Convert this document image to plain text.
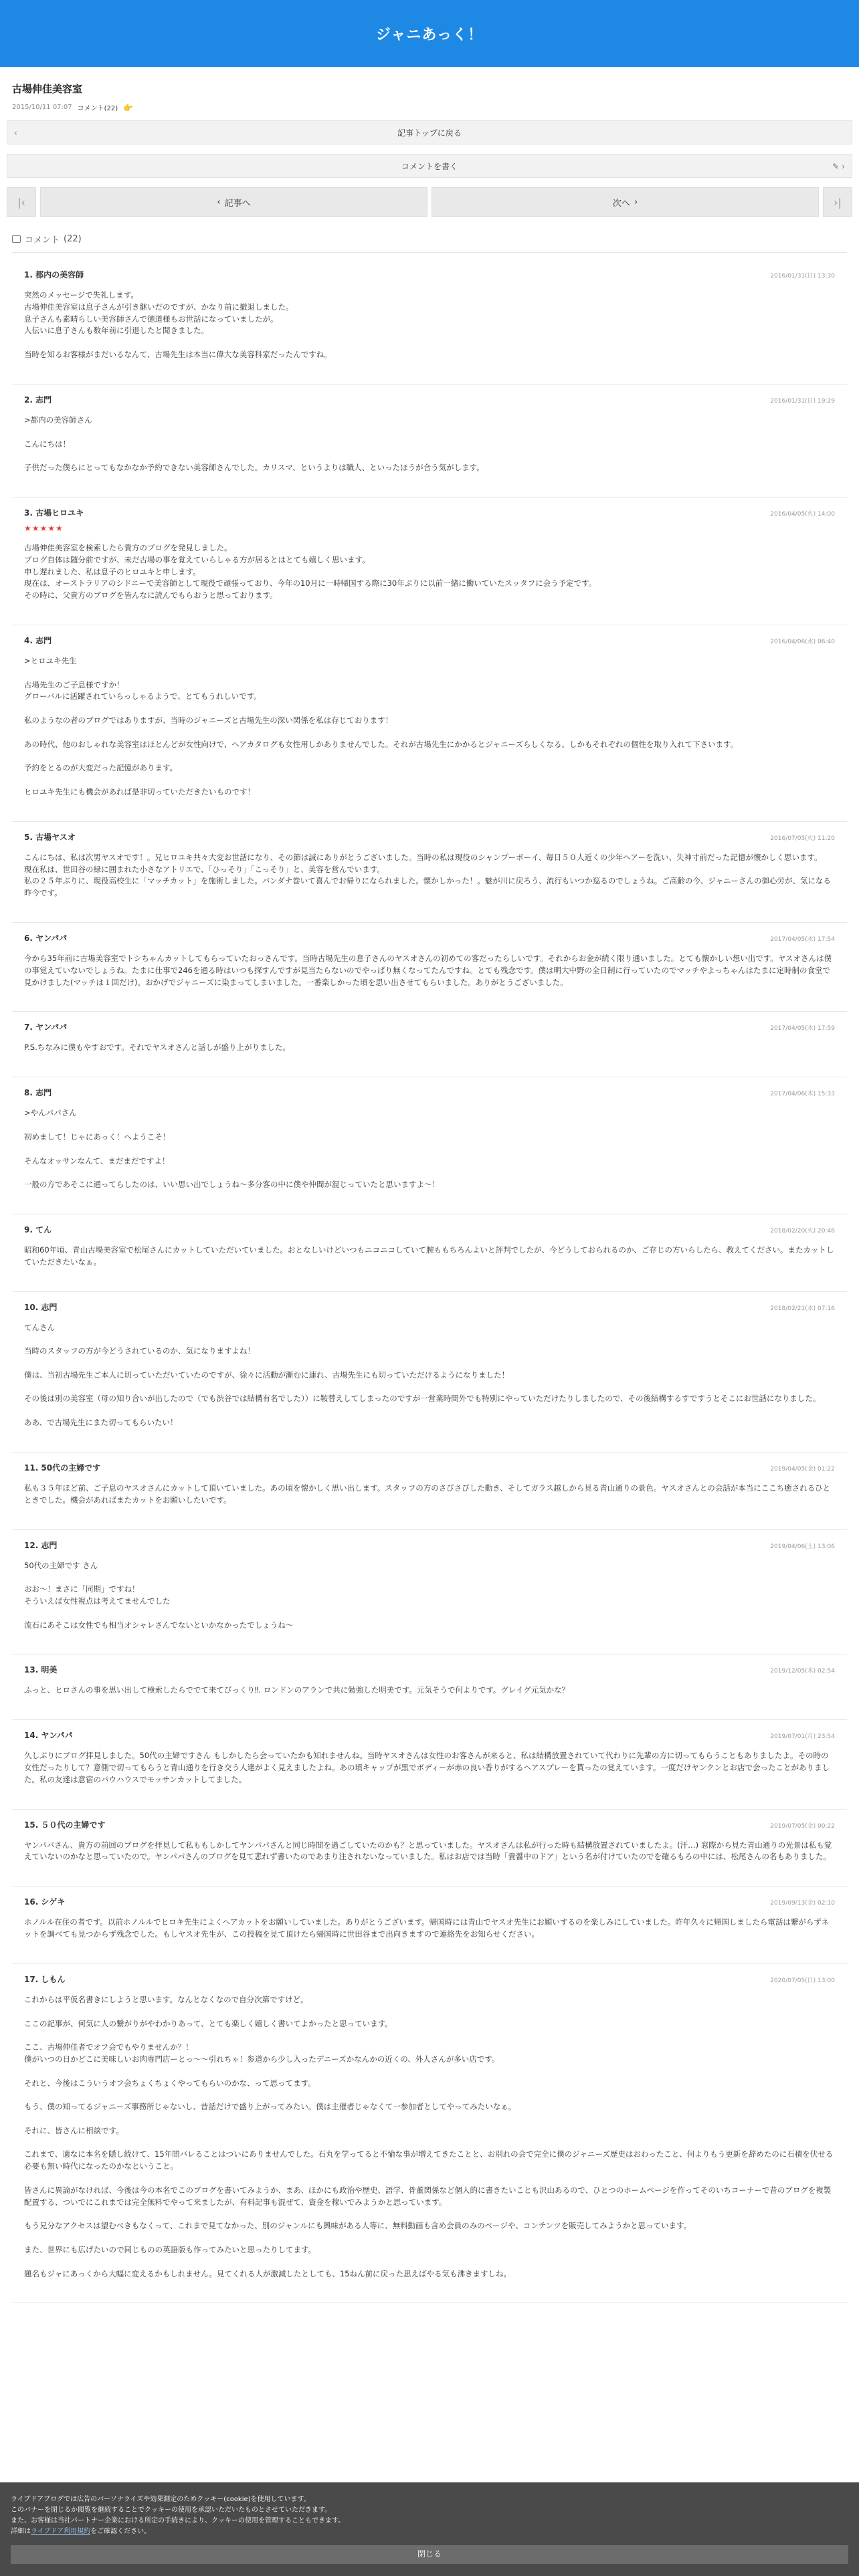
ジャニあっく！
古場伸佳美容室
2015/10/11 07:07 コメント(22) 👉
‹	記事トップに戻る
コメントを書く	✎ ›
|‹	‹ 記事へ	次へ ›	›|
コメント (22)
1. 都内の美容師	2016/01/31(日) 13:30

突然のメッセージで失礼します。

古場伸佳美容室は息子さんが引き継いだのですが、かなり前に撤退しました。

息子さんも素晴らしい美容師さんで徳道様もお世話になっていましたが。

人伝いに息子さんも数年前に引退したと聞きました。

当時を知るお客様がまだいるなんて、古場先生は本当に偉大な美容科家だったんですね。

2. 志門	2016/01/31(日) 19:29

>都内の美容師さん

こんにちは！

子供だった僕らにとってもなかなか予約できない美容師さんでした。カリスマ、というよりは職人、といったほうが合う気がします。

3. 古場ヒロユキ	2016/04/05(火) 14:00
★★★★★

古場伸佳美容室を検索したら貴方のブログを発見しました。

ブログ自体は随分前ですが、未だ古場の事を覚えていらしゃる方が居るとはとても嬉しく思います。

申し遅れました、私は息子のヒロユキと申します。

現在は、オーストラリアのシドニーで美容師として現役で頑張っており、今年の10月に一時帰国する際に30年ぶりに以前一緒に働いていたスッタフに会う予定です。

その時に、父貴方のブログを皆んなに読んでもらおうと思っております。

4. 志門	2016/04/06(水) 06:40

>ヒロユキ先生

古場先生のご子息様ですか！

グローバルに活躍されていらっしゃるようで、とてもうれしいです。

私のようなの者のブログではありますが、当時のジャニーズと古場先生の深い関係を私は存じております！

あの時代、他のおしゃれな美容室はほとんどが女性向けで、ヘアカタログも女性用しかありませんでした。それが古場先生にかかるとジャニーズらしくなる。しかもそれぞれの個性を取り入れて下さいます。

予約をとるのが大変だった記憶があります。

ヒロユキ先生にも機会があれば是非切っていただきたいものです！

5. 古場ヤスオ	2016/07/05(火) 11:20

こんにちは、私は次男ヤスオです！。兄ヒロユキ共々大変お世話になり、その節は誠にありがとうございました。当時の私は現役のシャンプーボーイ、毎日５０人近くの少年ヘアーを洗い、失神寸前だった記憶が懐かしく思います。

現在私は、世田谷の緑に囲まれた小さなアトリエで、「ひっそり」「こっそり」と、美容を営んでいます。

私の２５年ぶりに、現役高校生に「マッチカット」を施術しました。バンダナ巻いて喜んでお帰りになられました。懐かしかった！。魅が川に戻ろう、流行もいつか巡るのでしょうね。ご高齢の今、ジャニーさんの御心労が、気になる昨今です。

6. ヤンパパ	2017/04/05(水) 17:54

今から35年前に古場美容室でトシちゃんカットしてもらっていたおっさんです。当時古場先生の息子さんのヤスオさんの初めての客だったらしいです。それからお金が続く限り通いました。とても懐かしい想い出です。ヤスオさんは僕の事覚えていないでしょうね。たまに仕事で246を通る時はいつも探すんですが見当たらないのでやっぱり無くなってたんですね。とても残念です。僕は明大中野の全日制に行っていたのでマッチやよっちゃんはたまに定時制の食堂で見かけました(マッチは１回だけ)。おかげでジャニーズに染まってしまいました。一番楽しかった頃を思い出させてもらいました。ありがとうございました。

7. ヤンパパ	2017/04/05(水) 17:59

P.S.ちなみに僕もやすおです。それでヤスオさんと話しが盛り上がりました。

8. 志門	2017/04/06(木) 15:33

>やんパパさん

初めまして！じゃにあっく！へようこそ！

そんなオッサンなんて、まだまだですよ！

一般の方であそこに通ってらしたのは、いい思い出でしょうね〜多分客の中に僕や仲間が混じっていたと思いますよ〜！

9. てん	2018/02/20(火) 20:46

昭和60年頃、青山古場美容室で松尾さんにカットしていただいていました。おとなしいけどいつもニコニコしていて腕ももちろんよいと評判でしたが、今どうしておられるのか、ご存じの方いらしたら、教えてください。またカットしていただきたいなぁ。

10. 志門	2018/02/21(水) 07:16

てんさん

当時のスタッフの方が今どうされているのか、気になりますよね！

僕は、当初古場先生ご本人に切っていただいていたのですが、徐々に活動が漸むに連れ、古場先生にも切っていただけるようになりました！

その後は別の美容室（母の知り合いが出したので（でも渋谷では結構有名でした））に鞍替えしてしまったのですが一営業時間外でも特別にやっていただけたりしましたので、その後結構するすですうとそこにお世話になりました。

ああ、で古場先生にまた切ってもらいたい！

11. 50代の主婦です	2019/04/05(金) 01:22

私も３５年ほど前、ご子息のヤスオさんにカットして頂いていました。あの頃を懐かしく思い出します。スタッフの方のさびさびした動き、そしてガラス越しから見る青山通りの景色。ヤスオさんとの会話が本当にここち癒されるひとときでした。機会があればまたカットをお願いしたいです。

12. 志門	2019/04/06(土) 13:06

50代の主婦です さん

おお〜！まさに「同期」ですね！

そういえば女性視点は考えてませんでした

流石にあそこは女性でも相当オシャレさんでないといかなかったでしょうね〜

13. 明美	2019/12/05(木) 02:54

ふっと、ヒロさんの事を思い出して検索したらででて来てびっくり‼︎. ロンドンのアランで共に勉強した明美です。元気そうで何よりです。グレイグ元気かな？

14. ヤンパパ	2019/07/01(月) 23:54

久しぶりにブログ拝見しました。50代の主婦ですさん もしかしたら会っていたかも知れませんね。当時ヤスオさんは女性のお客さんが来ると、私は結構放置されていて代わりに先輩の方に切ってもらうこともありましたよ。その時の女性だったりして？意側で切ってもらうと青山通りを行き交う人達がよく見えましたよね。あの頃キャップが黒でボディーが赤の良い香りがするヘアスプレーを貰ったの覚えています。一度だけヤンクンとお店で会ったことがありました。私の友達は意宿のパウハウスでモッサンカットしてました。

15. ５０代の主婦です	2019/07/05(金) 00:22

ヤンパパさん、貴方の前回のブログを拝見して私ももしかしてヤンパパさんと同じ時間を過ごしていたのかも？と思っていました。ヤスオさんは私が行った時も結構放置されていましたよ。(汗…) 窓際から見た青山通りの光景は私も覚えていないのかなと思っていたので。ヤンパパさんのブログを見て悲れず書いたのであまり注されないなっていました。私はお店では当時「貴醤中のドア」という名が付けていたのでを確るもろの中には、松尾さんの名もありました。

16. シゲキ	2019/09/13(金) 02:10

ホノルル在住の者です。以前ホノルルでヒロキ先生によくヘアカットをお願いしていました。ありがとうございます。帰国時には青山でヤスオ先生にお願いするのを楽しみにしていました。昨年久々に帰国しましたら電話は繋がらずネットを調べても見つからず残念でした。もしヤスオ先生が、この投稿を見て頂けたら帰国時に世田谷まで出向きますので連絡先をお知らせください。

17. しもん	2020/07/05(日) 13:00

これからは平仮名書きにしようと思います。なんとなくなので自分次第ですけど。

ここの記事が、何気に人の繋がりがやわかりあって、とても楽しく嬉しく書いてよかったと思っています。

ここ、古場伸佳者でオフ会でもやりませんか？！

僕がいつの日かどこに美味しいお肉専門店ーとっ〜〜引れちゃ！参道から少し入ったデニーズかなんかの近くの、外人さんが多い店です。

それと、今後はこういうオフ会ちょくちょくやってもらいのかな、って思ってます。

もう、僕の知ってるジャニーズ事務所じゃないし、昔話だけで盛り上がってみたい。僕は主催者じゃなくて一参加者としてやってみたいなぁ。

それに、皆さんに相談です。

これまで、適なに本名を隠し続けて、15年間バレることはついにありませんでした。石丸を学ってると不愉な事が増えてきたことと、お別れの会で完全に僕のジャニーズ歴史はおわったこと、何よりもう更新を辞めたのに石積を伏せる必要も無い時代になったのかなということ。

皆さんに異論がなければ、今後は今の本名でこのブログを書いてみようか、まあ、ほかにも政治や歴史、語学、骨董関係など個人的に書きたいことも沢山あるので、ひとつのホームページを作ってそのいちコーナーで昔のブログを複製配置する、ついでにこれまでは完全無料でやって来ましたが、有料記事も混ぜて、資金を稼いでみようかと思っています。

もう兄分なアクセスは望むべきもなくって、これまで見てなかった、別のジャンルにも興味がある人等に、無料動画も含め会員のみのページや、コンテンツを販売してみようかと思っています。

また、世界にも広げたいので同じものの英語版も作ってみたいと思ったりしてます。

題名もジャにあっくから大幅に変えるかもしれません。見てくれる人が激減したとしても、15ねん前に戻った思えばやる気も沸きますしね。

ライブドアブログでは広告のパーソナライズや効果測定のためクッキー(cookie)を使用しています。
このバナーを閉じるか閲覧を継続することでクッキーの使用を承認いただいたものとさせていただきます。
また、お客様は当社パートナー企業における所定の手続きにより、クッキーの使用を管理することもできます。
詳細はライブドア利用規約をご確認ください。
閉じる
